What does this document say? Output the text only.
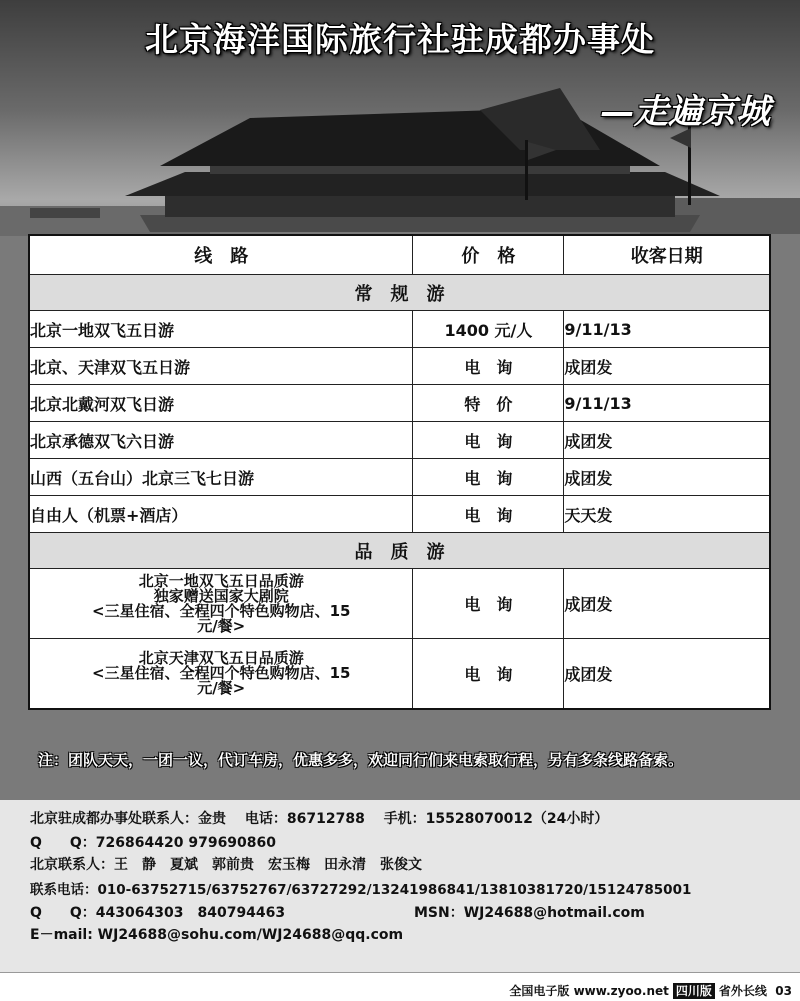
北京海洋国际旅行社驻成都办事处
—走遍京城
线　路	价　格	收客日期
常　规　游		
北京一地双飞五日游	1400 元/人	9/11/13
北京、天津双飞五日游	电　询	成团发
北京北戴河双飞日游	特　价	9/11/13
北京承德双飞六日游	电　询	成团发
山西（五台山）北京三飞七日游	电　询	成团发
自由人（机票+酒店）	电　询	天天发
品　质　游		

北京一地双飞五日品质游
独家赠送国家大剧院
<三星住宿、全程四个特色购物店、15
元/餐>	电　询	成团发

北京天津双飞五日品质游
<三星住宿、全程四个特色购物店、15
元/餐>	电　询	成团发
注：团队天天，一团一议，代订车房，优惠多多，欢迎同行们来电索取行程，另有多条线路备索。
北京驻成都办事处联系人：金贵 电话：86712788 手机：15528070012（24小时）
Q　　Q：726864420 979690860
北京联系人：王　静　夏斌　郭前贵　宏玉梅　田永清　张俊文
联系电话：010-63752715/63752767/63727292/13241986841/13810381720/15124785001
Q　　Q：443064303　840794463	MSN：WJ24688@hotmail.com
E－mail: WJ24688@sohu.com/WJ24688@qq.com
全国电子版 www.zyoo.net 四川版 省外长线 03
